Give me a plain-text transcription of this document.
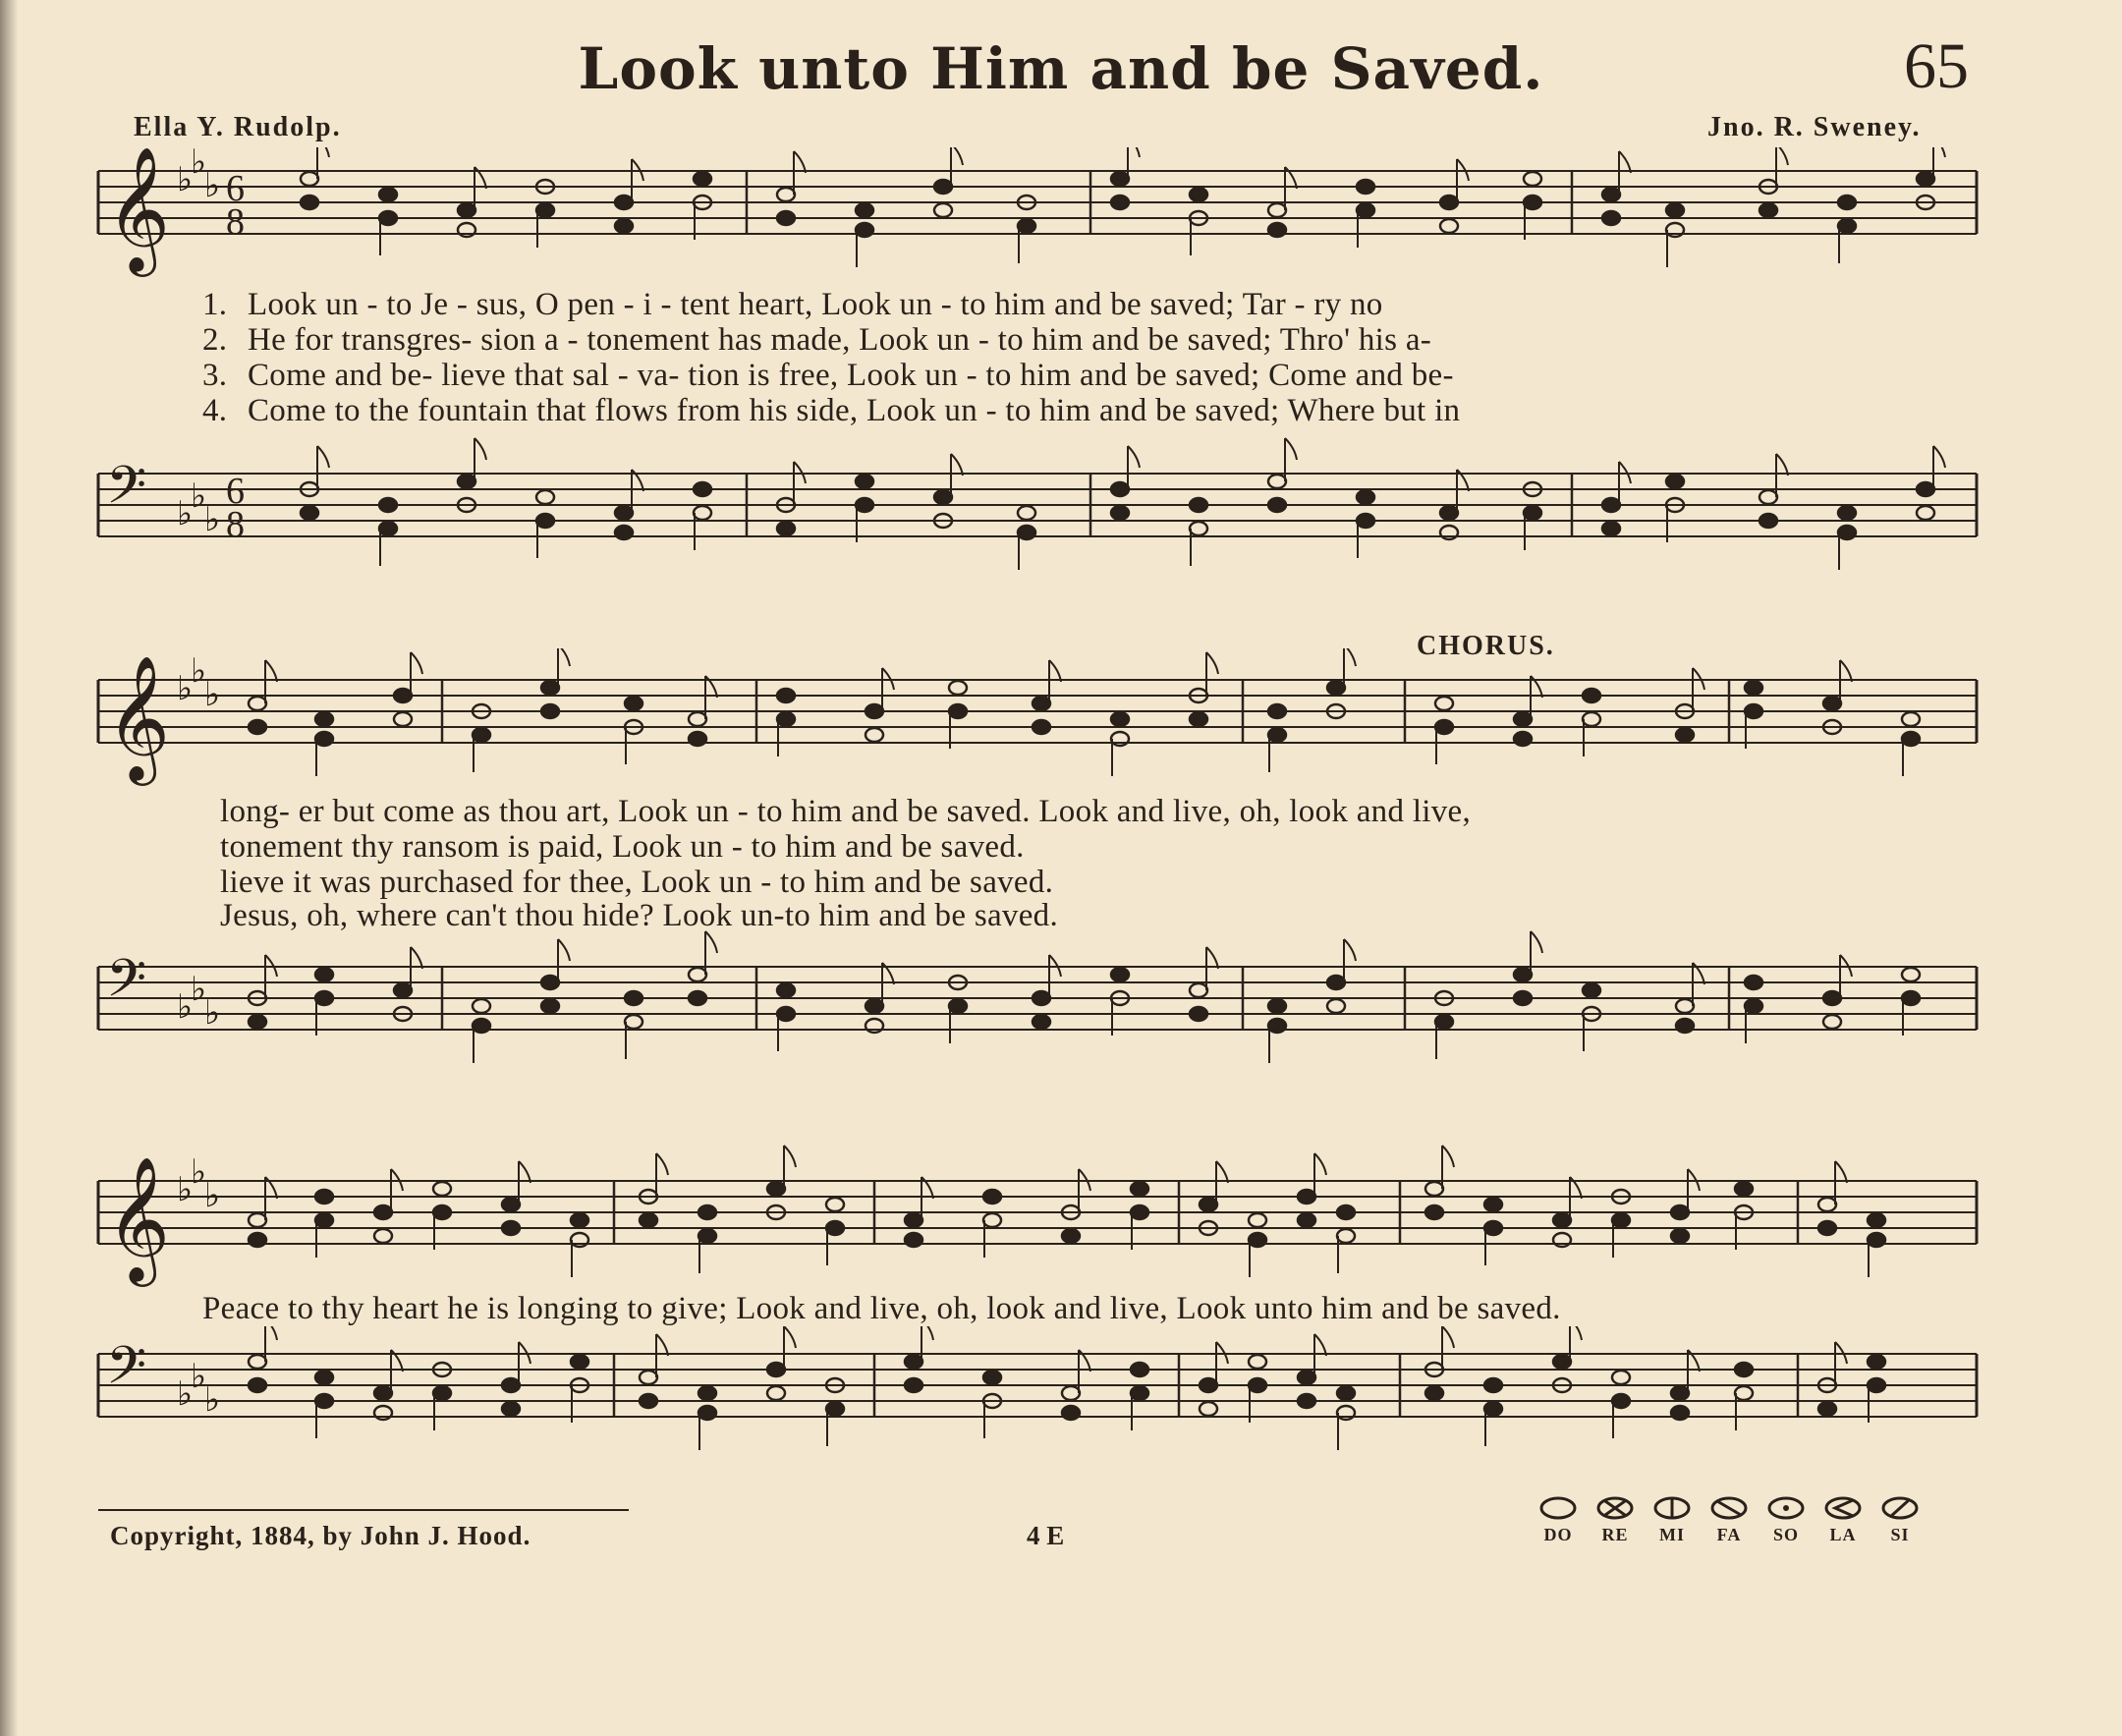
Look unto Him and be Saved.	65
Ella Y. Rudolp.	Jno. R. Sweney.
𝄞 ♭
♭
♭ 6
8
𝄢 ♭
♭
♭
6
8
1. Look un - to Je - sus, O pen - i - tent heart, Look un - to him and be saved; Tar - ry no
2. He for transgres- sion a - tonement has made, Look un - to him and be saved; Thro' his a-
3. Come and be- lieve that sal - va- tion is free, Look un - to him and be saved; Come and be-
4. Come to the fountain that flows from his side, Look un - to him and be saved; Where but in
CHORUS.
𝄞 ♭
♭
♭
𝄢 ♭
♭
♭
long- er but come as thou art, Look un - to him and be saved. Look and live, oh, look and live,
tonement thy ransom is paid, Look un - to him and be saved.
lieve it was purchased for thee, Look un - to him and be saved.
Jesus, oh, where can't thou hide? Look un-to him and be saved.
𝄞 ♭
♭
♭
𝄢 ♭
♭
♭
Peace to thy heart he is longing to give; Look and live, oh, look and live, Look unto him and be saved.
Copyright, 1884, by John J. Hood.	4 E	DO	RE	MI	FA	SO	LA	SI
